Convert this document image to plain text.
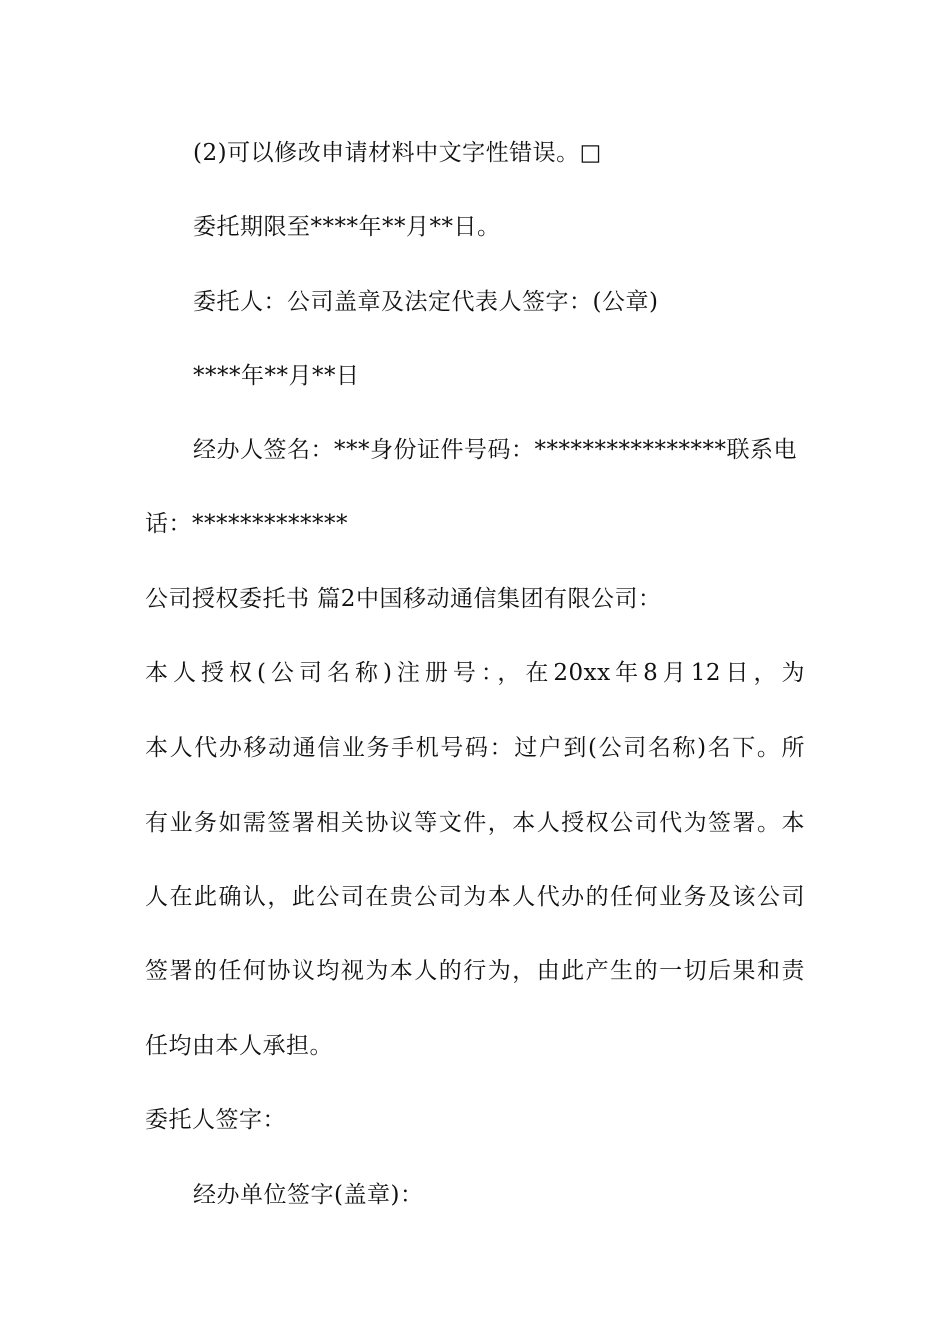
(2)可以修改申请材料中文字性错误。□
委托期限至****年**月**日。
委托人：公司盖章及法定代表人签字：(公章)
****年**月**日
经办人签名：***身份证件号码：****************联系电
话：*************
公司授权委托书 篇2中国移动通信集团有限公司：
本人授权(公司名称)注册号：，在20xx年8月12日，为
本人代办移动通信业务手机号码：过户到(公司名称)名下。所
有业务如需签署相关协议等文件，本人授权公司代为签署。本
人在此确认，此公司在贵公司为本人代办的任何业务及该公司
签署的任何协议均视为本人的行为，由此产生的一切后果和责
任均由本人承担。
委托人签字：
经办单位签字(盖章)：
